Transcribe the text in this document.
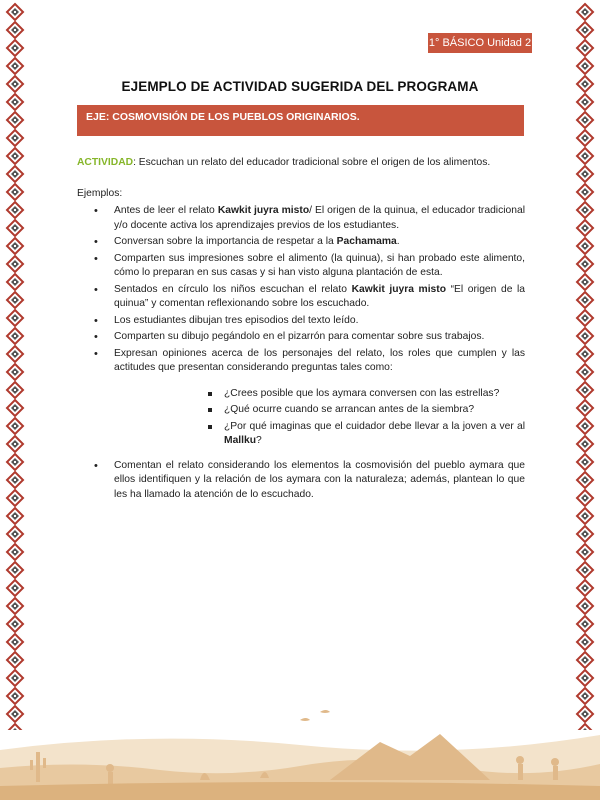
1° BÁSICO Unidad 2
EJEMPLO DE ACTIVIDAD SUGERIDA DEL PROGRAMA
EJE: COSMOVISIÓN DE LOS PUEBLOS ORIGINARIOS.

ACTIVIDAD: Escuchan un relato del educador tradicional sobre el origen de los alimentos.

Ejemplos:

• Antes de leer el relato Kawkit juyra misto/ El origen de la quinua, el educador tradicional y/o docente activa los aprendizajes previos de los estudiantes.
• Conversan sobre la importancia de respetar a la Pachamama.
• Comparten sus impresiones sobre el alimento (la quinua), si han probado este alimento, cómo lo preparan en sus casas y si han visto alguna plantación de esta.
• Sentados en círculo los niños escuchan el relato Kawkit juyra misto “El origen de la quinua” y comentan reflexionando sobre los escuchado.
• Los estudiantes dibujan tres episodios del texto leído.
• Comparten su dibujo pegándolo en el pizarrón para comentar sobre sus trabajos.
• Expresan opiniones acerca de los personajes del relato, los roles que cumplen y las actitudes que presentan considerando preguntas tales como:
¿Crees posible que los aymara conversen con las estrellas?
¿Qué ocurre cuando se arrancan antes de la siembra?
¿Por qué imaginas que el cuidador debe llevar a la joven a ver al Mallku?
• Comentan el relato considerando los elementos la cosmovisión del pueblo aymara que ellos identifiquen y la relación de los aymara con la naturaleza; además, plantean lo que les ha llamado la atención de lo escuchado.
